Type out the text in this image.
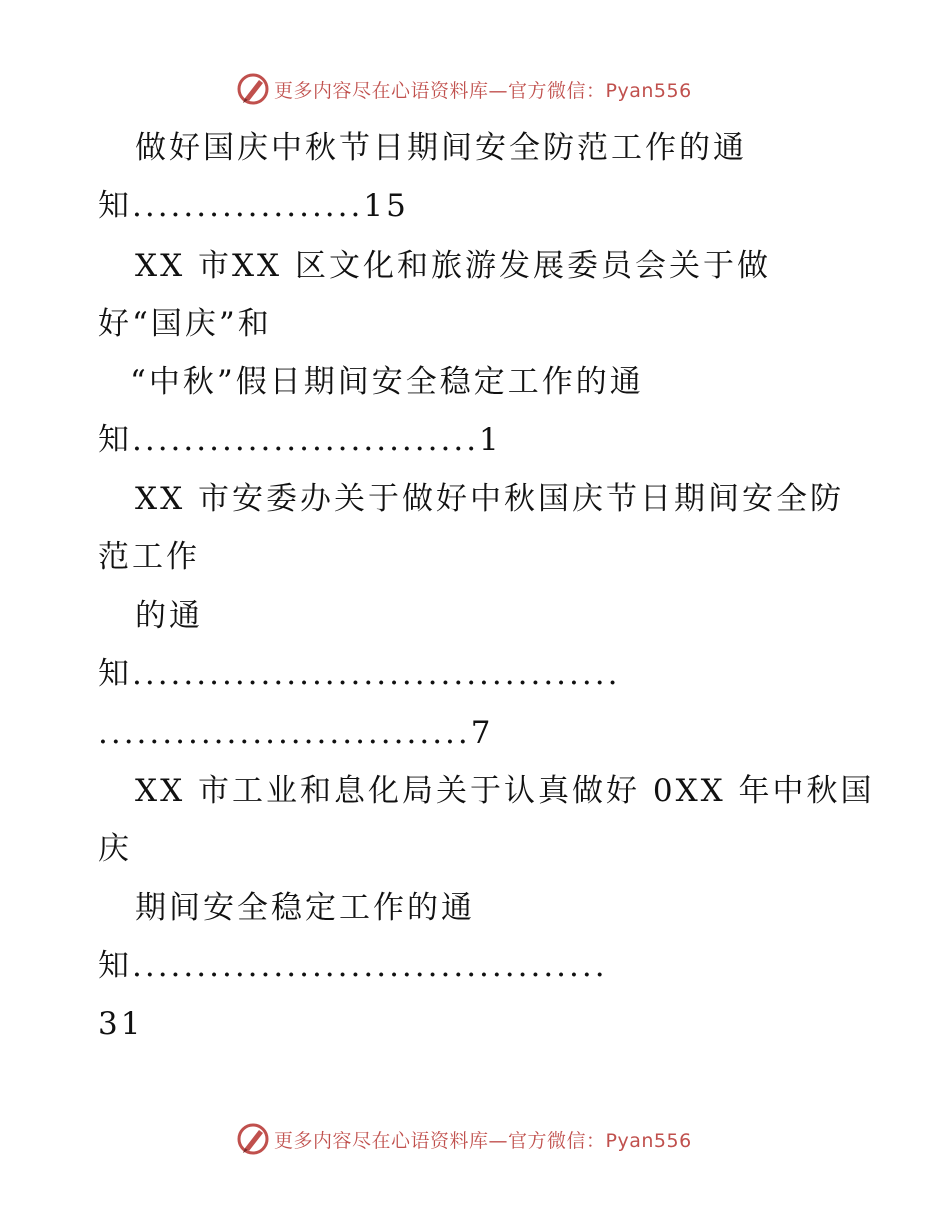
更多内容尽在心语资料库—官方微信：Pyan556
做好国庆中秋节日期间安全防范工作的通
知..................15
XX 市XX 区文化和旅游发展委员会关于做
好“国庆”和
“中秋”假日期间安全稳定工作的通
知...........................1
XX 市安委办关于做好中秋国庆节日期间安全防
范工作
的通
知......................................
.............................7
XX 市工业和息化局关于认真做好 0XX 年中秋国
庆
期间安全稳定工作的通
知.....................................
31
更多内容尽在心语资料库—官方微信：Pyan556
